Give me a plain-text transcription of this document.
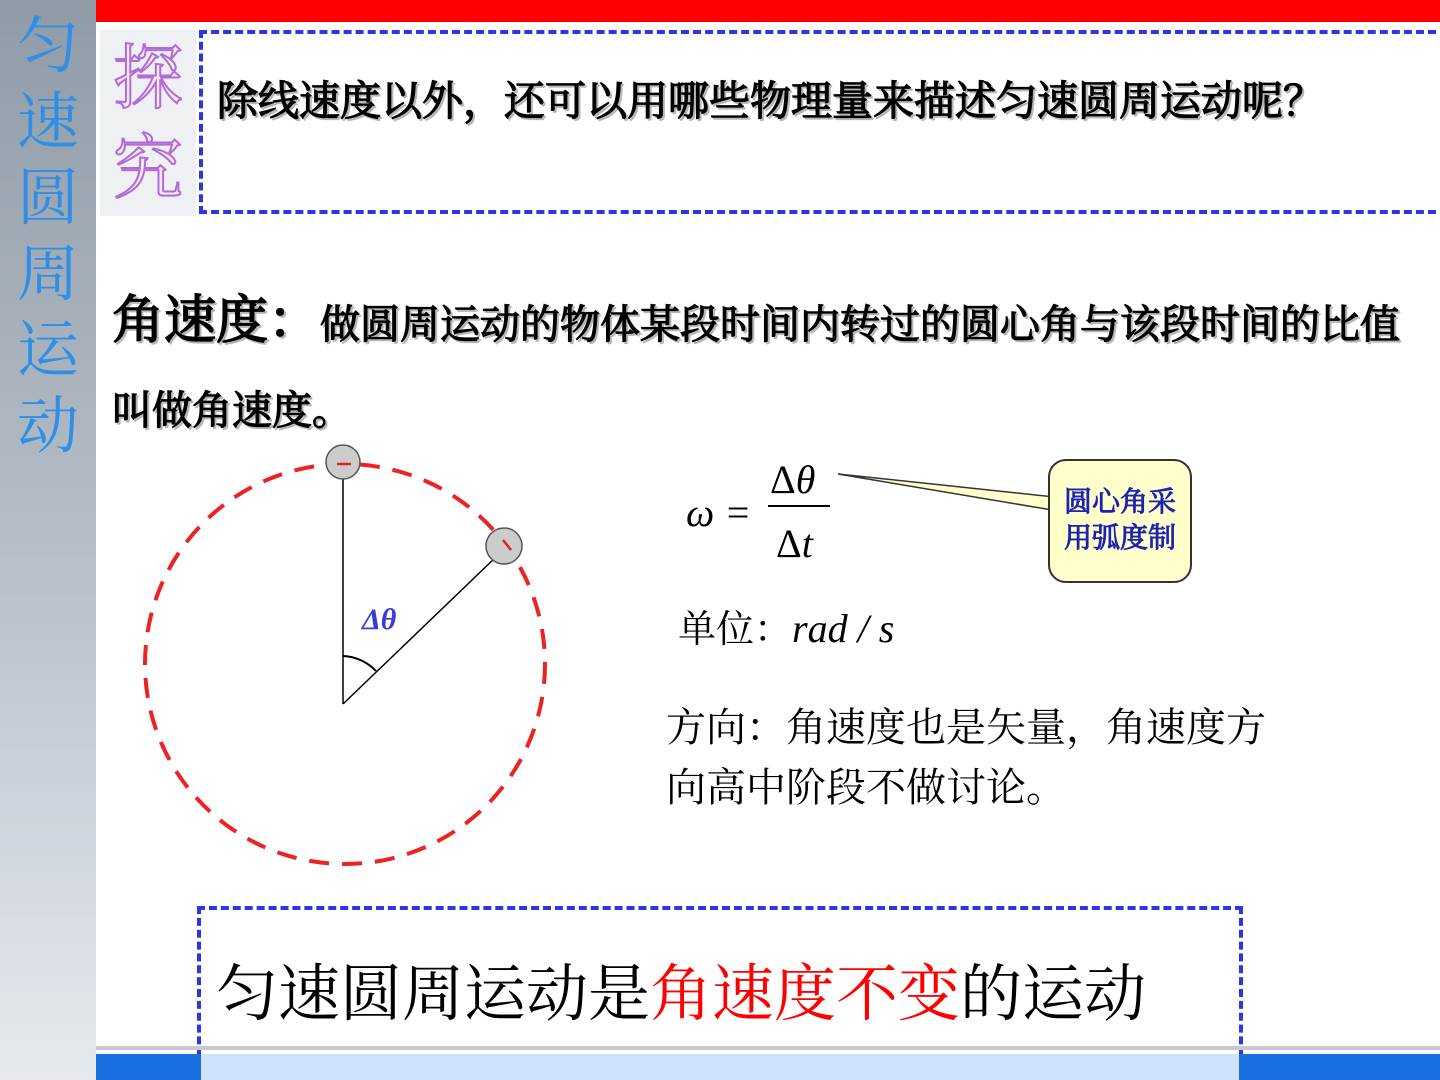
匀速圆周运动
探
究
除线速度以外，还可以用哪些物理量来描述匀速圆周运动呢？
角速度：做圆周运动的物体某段时间内转过的圆心角与该段时间的比值叫做角速度。
Δθ
ω =
Δθ
Δt
圆心角采用弧度制
单位：rad / s
方向：角速度也是矢量，角速度方向高中阶段不做讨论。
匀速圆周运动是角速度不变的运动
